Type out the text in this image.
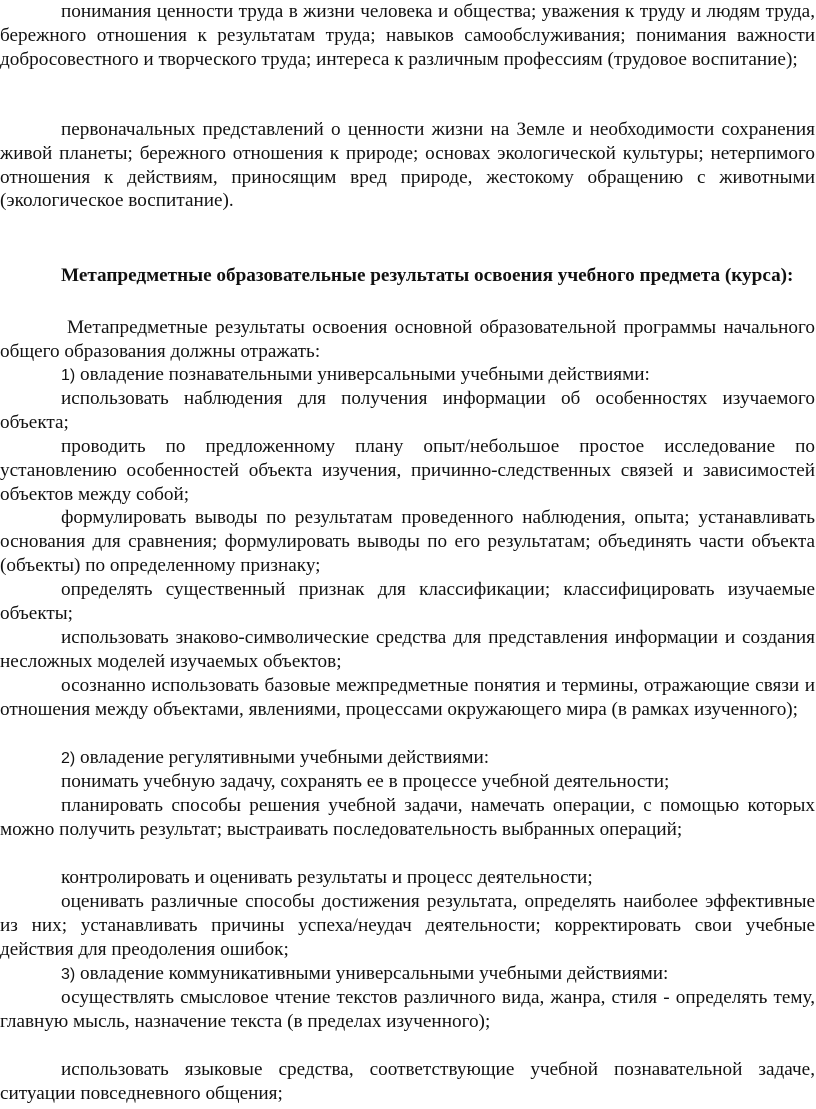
понимания ценности труда в жизни человека и общества; уважения к труду и людям труда, бережного отношения к результатам труда; навыков самообслуживания; понимания важности добросовестного и творческого труда; интереса к различным профессиям (трудовое воспитание);

первоначальных представлений о ценности жизни на Земле и необходимости сохранения живой планеты; бережного отношения к природе; основах экологической культуры; нетерпимого отношения к действиям, приносящим вред природе, жестокому обращению с животными (экологическое воспитание).

Метапредметные образовательные результаты освоения учебного предмета (курса):

Метапредметные результаты освоения основной образовательной программы начального общего образования должны отражать:

1) овладение познавательными универсальными учебными действиями:

использовать наблюдения для получения информации об особенностях изучаемого объекта;

проводить по предложенному плану опыт/небольшое простое исследование по установлению особенностей объекта изучения, причинно-следственных связей и зависимостей объектов между собой;

формулировать выводы по результатам проведенного наблюдения, опыта; устанавливать основания для сравнения; формулировать выводы по его результатам; объединять части объекта (объекты) по определенному признаку;

определять существенный признак для классификации; классифицировать изучаемые объекты;

использовать знаково-символические средства для представления информации и создания несложных моделей изучаемых объектов;

осознанно использовать базовые межпредметные понятия и термины, отражающие связи и отношения между объектами, явлениями, процессами окружающего мира (в рамках изученного);

2) овладение регулятивными учебными действиями:

понимать учебную задачу, сохранять ее в процессе учебной деятельности;

планировать способы решения учебной задачи, намечать операции, с помощью которых можно получить результат; выстраивать последовательность выбранных операций;

контролировать и оценивать результаты и процесс деятельности;

оценивать различные способы достижения результата, определять наиболее эффективные из них; устанавливать причины успеха/неудач деятельности; корректировать свои учебные действия для преодоления ошибок;

3) овладение коммуникативными универсальными учебными действиями:

осуществлять смысловое чтение текстов различного вида, жанра, стиля - определять тему, главную мысль, назначение текста (в пределах изученного);

использовать языковые средства, соответствующие учебной познавательной задаче, ситуации повседневного общения;
